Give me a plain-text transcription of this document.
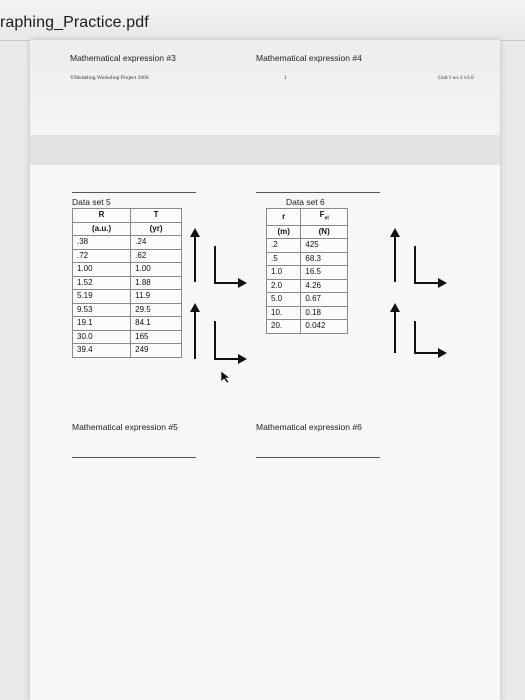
raphing_Practice.pdf
Mathematical expression #3	Mathematical expression #4
©Modeling Workshop Project 2006	1	Unit I ws 2 v3.0
Data set 5
R	T
(a.u.)	(yr)
.38	.24
.72	.62
1.00	1.00
1.52	1.88
5.19	11.9
9.53	29.5
19.1	84.1
30.0	165
39.4	249
Data set 6
r	$F_{el}$
(m)	(N)
.2	425
.5	68.3
1.0	16.5
2.0	4.26
5.0	0.67
10.	0.18
20.	0.042
Mathematical expression #5	Mathematical expression #6
